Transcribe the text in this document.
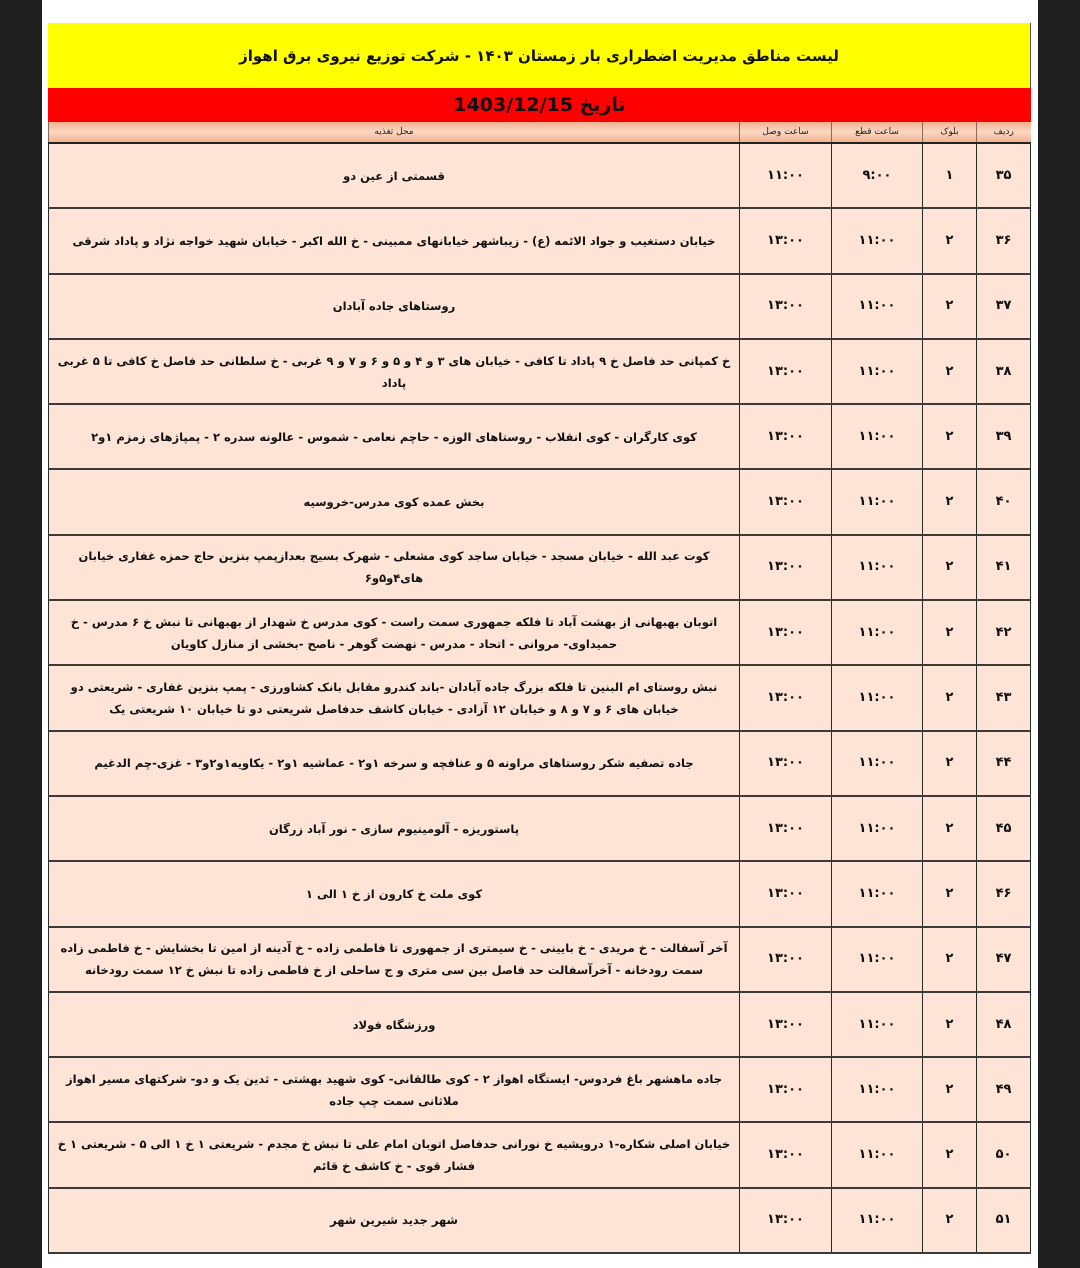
لیست مناطق مدیریت اضطراری بار زمستان ۱۴۰۳ - شرکت توزیع نیروی برق اهواز
تاریخ 1403/12/15
ردیف	بلوک	ساعت قطع	ساعت وصل	محل تغذیه
۳۵	۱	۹:۰۰	۱۱:۰۰	قسمتی از عین دو
۳۶	۲	۱۱:۰۰	۱۳:۰۰	خیابان دستغیب و جواد الائمه (ع) - زیباشهر خیابانهای ممبینی - خ الله اکبر - خیابان شهید خواجه نژاد و پاداد شرقی
۳۷	۲	۱۱:۰۰	۱۳:۰۰	روستاهای جاده آبادان
۳۸	۲	۱۱:۰۰	۱۳:۰۰	خ کمپانی حد فاصل خ ۹ پاداد تا کافی - خیابان های ۳ و ۴ و ۵ و ۶ و ۷ و ۹ غربی - خ سلطانی حد فاصل خ کافی تا ۵ غربی پاداد
۳۹	۲	۱۱:۰۰	۱۳:۰۰	کوی کارگران - کوی انقلاب - روستاهای الوزه - حاچم نعامی - شموس - عالونه سدره ۲ - پمپاژهای زمزم ۱و۲
۴۰	۲	۱۱:۰۰	۱۳:۰۰	بخش عمده کوی مدرس-خروسیه
۴۱	۲	۱۱:۰۰	۱۳:۰۰	کوت عبد الله - خیابان مسجد - خیابان ساجد کوی مشعلی - شهرک بسیج بعدازپمپ بنزین حاج حمزه غفاری خیابان های۴و۵و۶
۴۲	۲	۱۱:۰۰	۱۳:۰۰	اتوبان بهبهانی از بهشت آباد تا فلکه جمهوری سمت راست - کوی مدرس خ شهدار از بهبهانی تا نبش خ ۶ مدرس - خ حمیداوی- مروانی - اتحاد - مدرس - نهضت گوهر - ناصح -بخشی از منازل کاویان
۴۳	۲	۱۱:۰۰	۱۳:۰۰	نبش روستای ام البنین تا فلکه بزرگ جاده آبادان -باند کندرو مقابل بانک کشاورزی - پمپ بنزین غفاری - شریعتی دو خیابان های ۶ و ۷ و ۸ و خیابان ۱۲ آزادی - خیابان کاشف حدفاصل شریعتی دو تا خیابان ۱۰ شریعتی یک
۴۴	۲	۱۱:۰۰	۱۳:۰۰	جاده تصفیه شکر روستاهای مراونه ۵ و عنافچه و سرخه ۱و۲ - عماشیه ۱و۲ - یکاویه۱و۲و۳ - غزی-چم الدغیم
۴۵	۲	۱۱:۰۰	۱۳:۰۰	پاستوریزه - آلومینیوم سازی - نور آباد زرگان
۴۶	۲	۱۱:۰۰	۱۳:۰۰	کوی ملت خ کارون از خ ۱ الی ۱
۴۷	۲	۱۱:۰۰	۱۳:۰۰	آخر آسفالت - خ مریدی - خ بایینی - خ سیمتری از جمهوری تا فاطمی زاده - خ آدینه از امین تا بخشایش - خ فاطمی زاده سمت رودخانه - آخرآسفالت حد فاصل بین سی متری و ج ساحلی از خ فاطمی زاده تا نبش خ ۱۲ سمت رودخانه
۴۸	۲	۱۱:۰۰	۱۳:۰۰	ورزشگاه فولاد
۴۹	۲	۱۱:۰۰	۱۳:۰۰	جاده ماهشهر باغ فردوس- ایستگاه اهواز ۲ - کوی طالقانی- کوی شهید بهشتی - ثدین یک و دو- شرکتهای مسیر اهواز ملاثانی سمت چپ جاده
۵۰	۲	۱۱:۰۰	۱۳:۰۰	خیابان اصلی شکاره-۱ درویشیه خ نورانی حدفاصل اتوبان امام علی تا نبش خ مجدم - شریعتی ۱ خ ۱ الی ۵ - شریعتی ۱ خ فشار قوی - خ کاشف خ قائم
۵۱	۲	۱۱:۰۰	۱۳:۰۰	شهر جدید شیرین شهر
